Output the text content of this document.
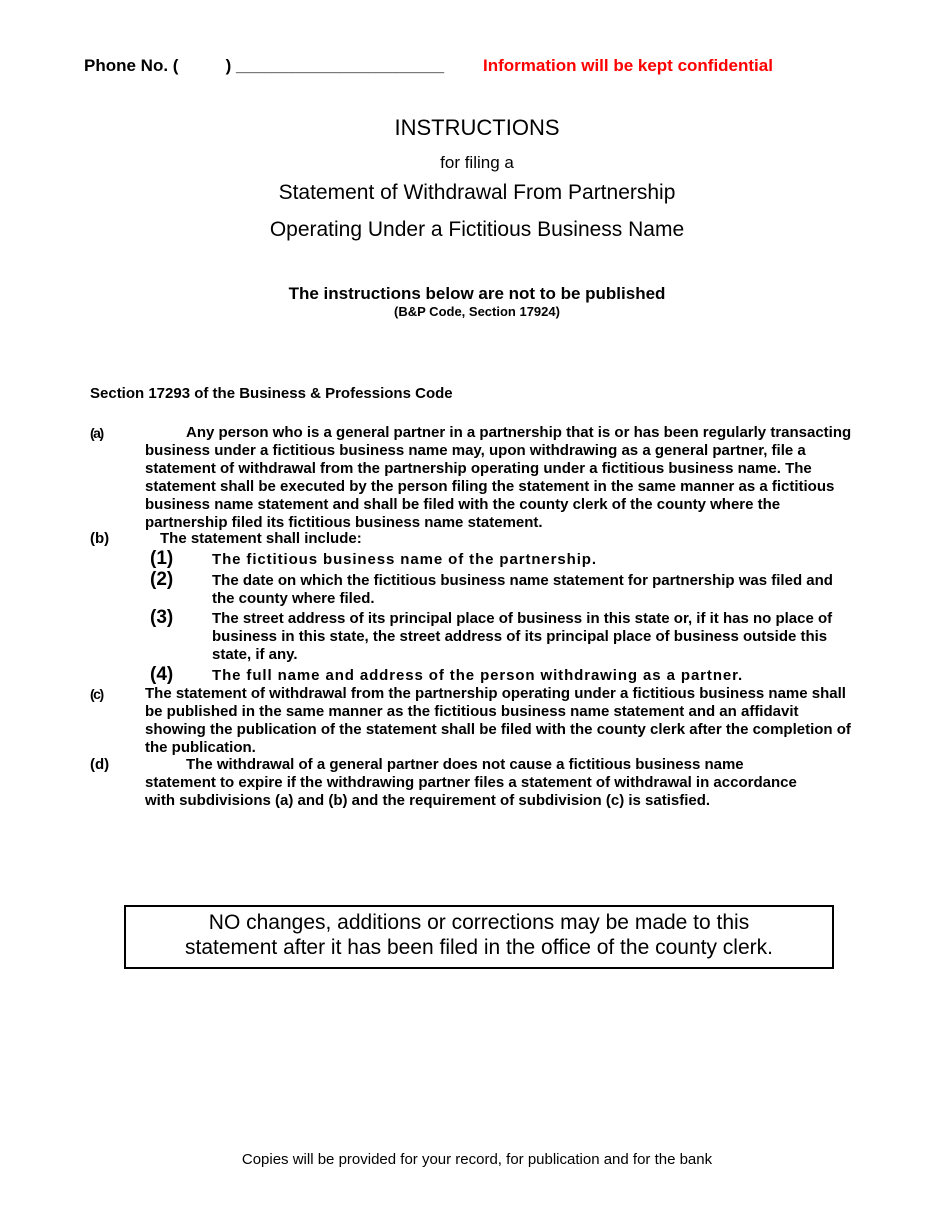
Phone No. (          ) ______________________ Information will be kept confidential
INSTRUCTIONS
for filing a
Statement of Withdrawal From Partnership
Operating Under a Fictitious Business Name
The instructions below are not to be published
(B&P Code, Section 17924)
Section 17293 of the Business & Professions Code
(a)	Any person who is a general partner in a partnership that is or has been regularly transacting business under a fictitious business name may, upon withdrawing as a general partner, file a statement of withdrawal from the partnership operating under a fictitious business name. The statement shall be executed by the person filing the statement in the same manner as a fictitious business name statement and shall be filed with the county clerk of the county where the partnership filed its fictitious business name statement.
(b)	The statement shall include:
(1)	The fictitious business name of the partnership.
(2)	The date on which the fictitious business name statement for partnership was filed and the county where filed.
(3)	The street address of its principal place of business in this state or, if it has no place of business in this state, the street address of its principal place of business outside this state, if any.
(4)	The full name and address of the person withdrawing as a partner.
(c)	The statement of withdrawal from the partnership operating under a fictitious business name shall be published in the same manner as the fictitious business name statement and an affidavit showing the publication of the statement shall be filed with the county clerk after the completion of the publication.
(d)	The withdrawal of a general partner does not cause a fictitious business name statement to expire if the withdrawing partner files a statement of withdrawal in accordance with subdivisions (a) and (b) and the requirement of subdivision (c) is satisfied.
NO changes, additions or corrections may be made to this
statement after it has been filed in the office of the county clerk.
Copies will be provided for your record, for publication and for the bank
